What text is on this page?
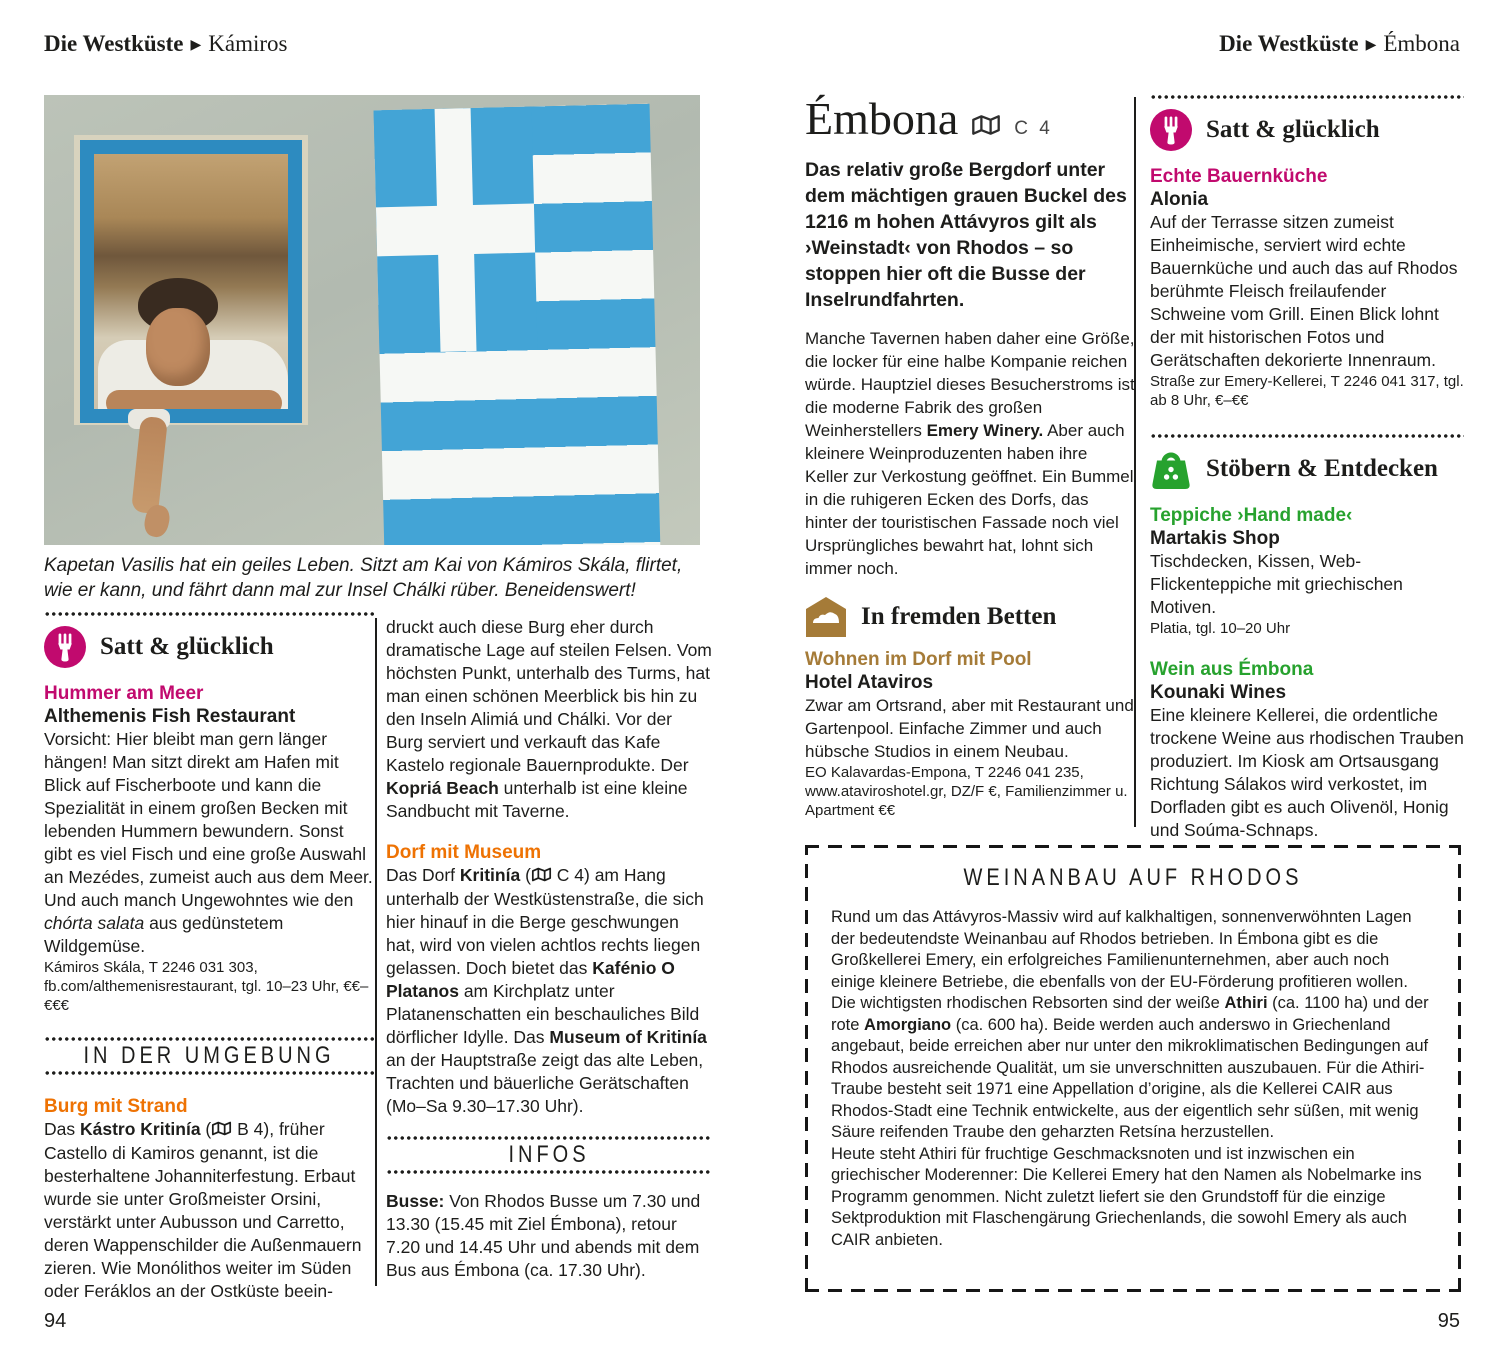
Die Westküste ▶ Kámiros	Die Westküste ▶ Émbona
Kapetan Vasilis hat ein geiles Leben. Sitzt am Kai von Kámiros Skála, flirtet, wie er kann, und fährt dann mal zur Insel Chálki rüber. Beneidenswert!
Satt & glücklich
Hummer am Meer
Althemenis Fish Restaurant
Vorsicht: Hier bleibt man gern länger hängen! Man sitzt direkt am Hafen mit Blick auf Fischerboote und kann die Spezialität in einem großen Becken mit lebenden Hummern bewundern. Sonst gibt es viel Fisch und eine große Auswahl an Mezédes, zumeist auch aus dem Meer. Und auch manch Ungewohntes wie den chórta salata aus gedünstetem Wildgemüse.
Kámiros Skála, T 2246 031 303, fb.com/althemenisrestaurant, tgl. 10–23 Uhr, €€–€€€
IN DER UMGEBUNG
Burg mit Strand
Das Kástro Kritinía ( B 4), früher Castello di Kamiros genannt, ist die besterhaltene Johanniterfestung. Erbaut wurde sie unter Großmeister Orsini, verstärkt unter Aubusson und Carretto, deren Wappenschilder die Außenmauern zieren. Wie Monólithos weiter im Süden oder Feráklos an der Ostküste beein-
druckt auch diese Burg eher durch dramatische Lage auf steilen Felsen. Vom höchsten Punkt, unterhalb des Turms, hat man einen schönen Meerblick bis hin zu den Inseln Alimiá und Chálki. Vor der Burg serviert und verkauft das Kafe Kastelo regionale Bauernprodukte. Der Kopriá Beach unterhalb ist eine kleine Sandbucht mit Taverne.
Dorf mit Museum
Das Dorf Kritinía ( C 4) am Hang unterhalb der Westküstenstraße, die sich hier hinauf in die Berge geschwungen hat, wird von vielen achtlos rechts liegen gelassen. Doch bietet das Kafénio O Platanos am Kirchplatz unter Platanenschatten ein beschauliches Bild dörflicher Idylle. Das Museum of Kritinía an der Hauptstraße zeigt das alte Leben, Trachten und bäuerliche Gerätschaften (Mo–Sa 9.30–17.30 Uhr).
INFOS
Busse: Von Rhodos Busse um 7.30 und 13.30 (15.45 mit Ziel Émbona), retour 7.20 und 14.45 Uhr und abends mit dem Bus aus Émbona (ca. 17.30 Uhr).
Émbona	C 4
Das relativ große Bergdorf unter dem mächtigen grauen Buckel des 1216 m hohen Attávyros gilt als ›Weinstadt‹ von Rhodos – so stoppen hier oft die Busse der Inselrundfahrten.
Manche Tavernen haben daher eine Größe, die locker für eine halbe Kompanie reichen würde. Hauptziel dieses Besucherstroms ist die moderne Fabrik des großen Weinherstellers Emery Winery. Aber auch kleinere Weinproduzenten haben ihre Keller zur Verkostung geöffnet. Ein Bummel in die ruhigeren Ecken des Dorfs, das hinter der touristischen Fassade noch viel Ursprüngliches bewahrt hat, lohnt sich immer noch.
In fremden Betten
Wohnen im Dorf mit Pool
Hotel Ataviros
Zwar am Ortsrand, aber mit Restaurant und Gartenpool. Einfache Zimmer und auch hübsche Studios in einem Neubau.
EO Kalavardas-Empona, T 2246 041 235, www.ataviroshotel.gr, DZ/F €, Familienzimmer u. Apartment €€
Satt & glücklich
Echte Bauernküche
Alonia
Auf der Terrasse sitzen zumeist Einheimische, serviert wird echte Bauernküche und auch das auf Rhodos berühmte Fleisch freilaufender Schweine vom Grill. Einen Blick lohnt der mit historischen Fotos und Gerätschaften dekorierte Innenraum.
Straße zur Emery-Kellerei, T 2246 041 317, tgl. ab 8 Uhr, €–€€
Stöbern & Entdecken
Teppiche ›Hand made‹
Martakis Shop
Tischdecken, Kissen, Web-Flickenteppiche mit griechischen Motiven.
Platia, tgl. 10–20 Uhr
Wein aus Émbona
Kounaki Wines
Eine kleinere Kellerei, die ordentliche trockene Weine aus rhodischen Trauben produziert. Im Kiosk am Ortsausgang Richtung Sálakos wird verkostet, im Dorfladen gibt es auch Olivenöl, Honig und Soúma-Schnaps.
WEINANBAU AUF RHODOS

Rund um das Attávyros-Massiv wird auf kalkhaltigen, sonnenverwöhnten Lagen der bedeutendste Weinanbau auf Rhodos betrieben. In Émbona gibt es die Großkellerei Emery, ein erfolgreiches Familienunternehmen, aber auch noch einige kleinere Betriebe, die ebenfalls von der EU-Förderung profitieren wollen. Die wichtigsten rhodischen Rebsorten sind der weiße Athiri (ca. 1100 ha) und der rote Amorgiano (ca. 600 ha). Beide werden auch anderswo in Griechenland angebaut, beide erreichen aber nur unter den mikroklimatischen Bedingungen auf Rhodos ausreichende Qualität, um sie unverschnitten auszubauen. Für die Athiri-Traube besteht seit 1971 eine Appellation d’origine, als die Kellerei CAIR aus Rhodos-Stadt eine Technik entwickelte, aus der eigentlich sehr süßen, mit wenig Säure reifenden Traube den geharzten Retsína herzustellen.

Heute steht Athiri für fruchtige Geschmacksnoten und ist inzwischen ein griechischer Moderenner: Die Kellerei Emery hat den Namen als Nobelmarke ins Programm genommen. Nicht zuletzt liefert sie den Grundstoff für die einzige Sektproduktion mit Flaschengärung Griechenlands, die sowohl Emery als auch CAIR anbieten.

94	95
